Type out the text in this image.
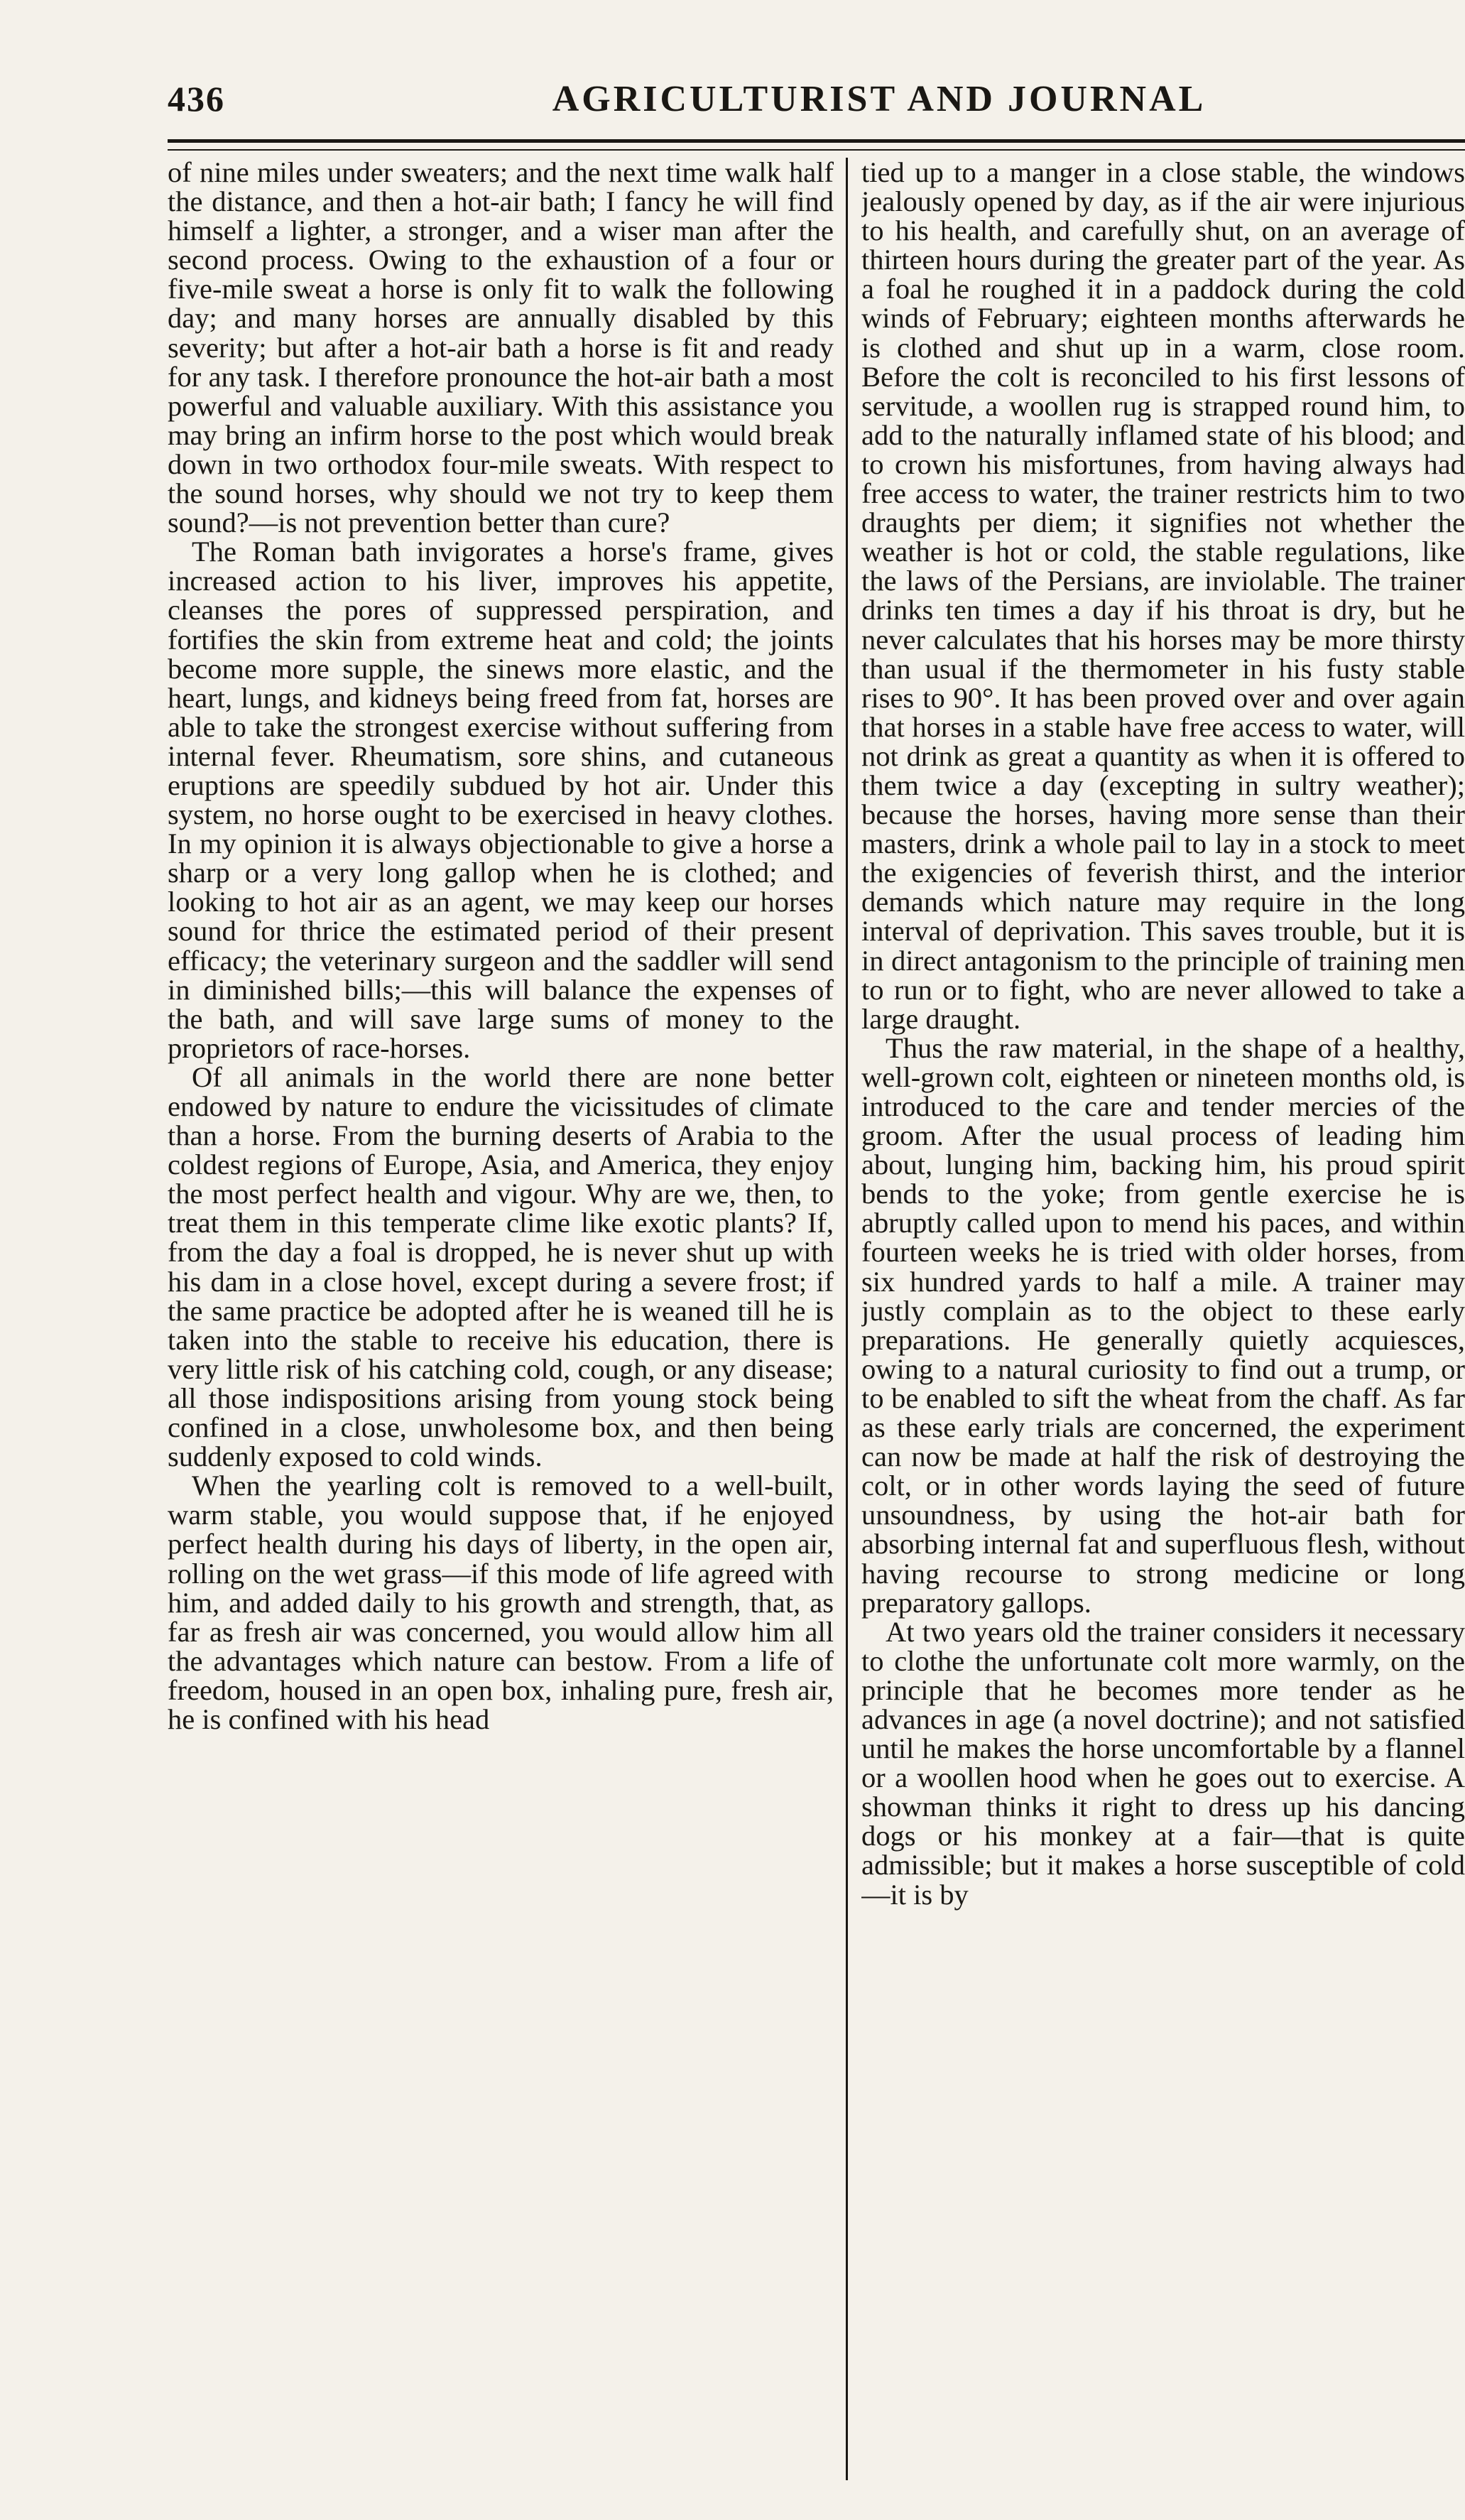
436	AGRICULTURIST AND JOURNAL

of nine miles under sweaters; and the next time walk half the distance, and then a hot-air bath; I fancy he will find himself a lighter, a stronger, and a wiser man after the second process. Owing to the exhaustion of a four or five-mile sweat a horse is only fit to walk the following day; and many horses are annually disabled by this severity; but after a hot-air bath a horse is fit and ready for any task. I therefore pronounce the hot-air bath a most powerful and valuable auxiliary. With this assistance you may bring an infirm horse to the post which would break down in two orthodox four-mile sweats. With respect to the sound horses, why should we not try to keep them sound?—is not prevention better than cure?

The Roman bath invigorates a horse's frame, gives increased action to his liver, improves his appetite, cleanses the pores of suppressed perspiration, and fortifies the skin from extreme heat and cold; the joints become more supple, the sinews more elastic, and the heart, lungs, and kidneys being freed from fat, horses are able to take the strongest exercise without suffering from internal fever. Rheumatism, sore shins, and cutaneous eruptions are speedily subdued by hot air. Under this system, no horse ought to be exercised in heavy clothes. In my opinion it is always objectionable to give a horse a sharp or a very long gallop when he is clothed; and looking to hot air as an agent, we may keep our horses sound for thrice the estimated period of their present efficacy; the veterinary surgeon and the saddler will send in diminished bills;—this will balance the expenses of the bath, and will save large sums of money to the proprietors of race-horses.

Of all animals in the world there are none better endowed by nature to endure the vicissitudes of climate than a horse. From the burning deserts of Arabia to the coldest regions of Europe, Asia, and America, they enjoy the most perfect health and vigour. Why are we, then, to treat them in this temperate clime like exotic plants? If, from the day a foal is dropped, he is never shut up with his dam in a close hovel, except during a severe frost; if the same practice be adopted after he is weaned till he is taken into the stable to receive his education, there is very little risk of his catching cold, cough, or any disease; all those indispositions arising from young stock being confined in a close, unwholesome box, and then being suddenly exposed to cold winds.

When the yearling colt is removed to a well-built, warm stable, you would suppose that, if he enjoyed perfect health during his days of liberty, in the open air, rolling on the wet grass—if this mode of life agreed with him, and added daily to his growth and strength, that, as far as fresh air was concerned, you would allow him all the advantages which nature can bestow. From a life of freedom, housed in an open box, inhaling pure, fresh air, he is confined with his head

tied up to a manger in a close stable, the windows jealously opened by day, as if the air were injurious to his health, and carefully shut, on an average of thirteen hours during the greater part of the year. As a foal he roughed it in a paddock during the cold winds of February; eighteen months afterwards he is clothed and shut up in a warm, close room. Before the colt is reconciled to his first lessons of servitude, a woollen rug is strapped round him, to add to the naturally inflamed state of his blood; and to crown his misfortunes, from having always had free access to water, the trainer restricts him to two draughts per diem; it signifies not whether the weather is hot or cold, the stable regulations, like the laws of the Persians, are inviolable. The trainer drinks ten times a day if his throat is dry, but he never calculates that his horses may be more thirsty than usual if the thermometer in his fusty stable rises to 90°. It has been proved over and over again that horses in a stable have free access to water, will not drink as great a quantity as when it is offered to them twice a day (excepting in sultry weather); because the horses, having more sense than their masters, drink a whole pail to lay in a stock to meet the exigencies of feverish thirst, and the interior demands which nature may require in the long interval of deprivation. This saves trouble, but it is in direct antagonism to the principle of training men to run or to fight, who are never allowed to take a large draught.

Thus the raw material, in the shape of a healthy, well-grown colt, eighteen or nineteen months old, is introduced to the care and tender mercies of the groom. After the usual process of leading him about, lunging him, backing him, his proud spirit bends to the yoke; from gentle exercise he is abruptly called upon to mend his paces, and within fourteen weeks he is tried with older horses, from six hundred yards to half a mile. A trainer may justly complain as to the object to these early preparations. He generally quietly acquiesces, owing to a natural curiosity to find out a trump, or to be enabled to sift the wheat from the chaff. As far as these early trials are concerned, the experiment can now be made at half the risk of destroying the colt, or in other words laying the seed of future unsoundness, by using the hot-air bath for absorbing internal fat and superfluous flesh, without having recourse to strong medicine or long preparatory gallops.

At two years old the trainer considers it necessary to clothe the unfortunate colt more warmly, on the principle that he becomes more tender as he advances in age (a novel doctrine); and not satisfied until he makes the horse uncomfortable by a flannel or a woollen hood when he goes out to exercise. A showman thinks it right to dress up his dancing dogs or his monkey at a fair—that is quite admissible; but it makes a horse susceptible of cold—it is by
